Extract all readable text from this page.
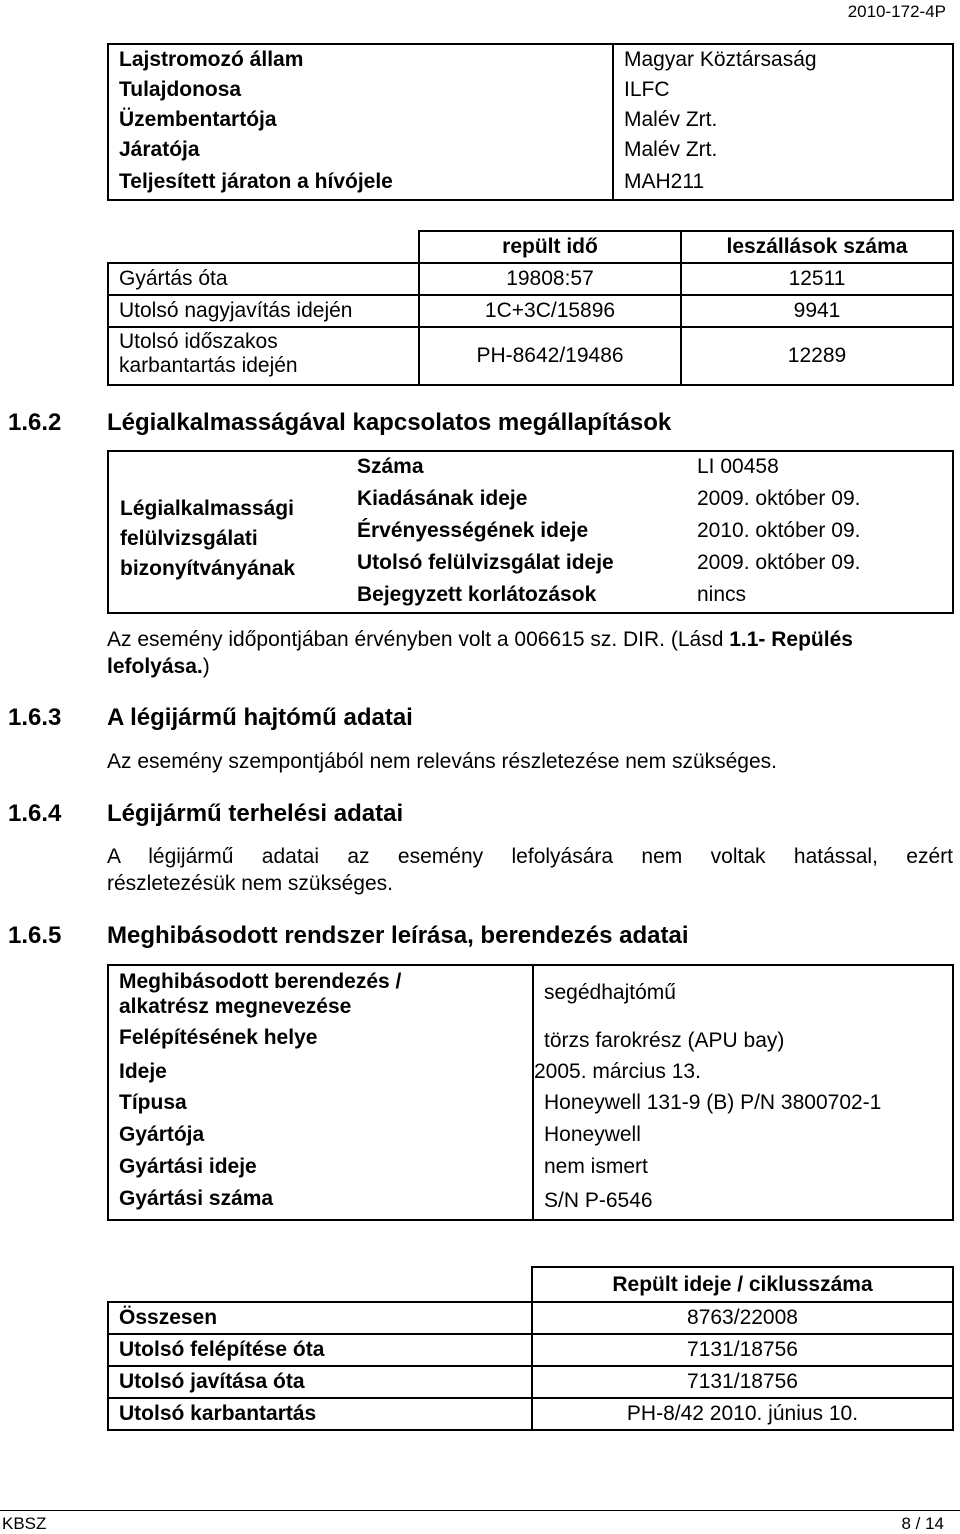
2010-172-4P
Lajstromozó állam	Magyar Köztársaság
Tulajdonosa	ILFC
Üzembentartója	Malév Zrt.
Járatója	Malév Zrt.
Teljesített járaton a hívójele	MAH211
	repült idő	leszállások száma
Gyártás óta	19808:57	12511
Utolsó nagyjavítás idején	1C+3C/15896	9941

Utolsó időszakos
karbantartás idején	PH-8642/19486	12289
1.6.2 Légialkalmasságával kapcsolatos megállapítások
Légialkalmassági
felülvizsgálati
bizonyítványának
Száma	LI 00458
Kiadásának ideje	2009. október 09.
Érvényességének ideje	2010. október 09.
Utolsó felülvizsgálat ideje	2009. október 09.
Bejegyzett korlátozások	nincs
Az esemény időpontjában érvényben volt a 006615 sz. DIR. (Lásd 1.1- Repülés
lefolyása.)
1.6.3 A légijármű hajtómű adatai
Az esemény szempontjából nem releváns részletezése nem szükséges.
1.6.4 Légijármű terhelési adatai
A légijármű adatai az esemény lefolyására nem voltak hatással, ezért
részletezésük nem szükséges.
1.6.5 Meghibásodott rendszer leírása, berendezés adatai
Meghibásodott berendezés /
alkatrész megnevezése	segédhajtómű
Felépítésének helye	törzs farokrész (APU bay)
Ideje	2005. március 13.
Típusa	Honeywell 131-9 (B) P/N 3800702-1
Gyártója	Honeywell
Gyártási ideje	nem ismert
Gyártási száma	S/N P-6546
	Repült ideje / ciklusszáma
Összesen	8763/22008
Utolsó felépítése óta	7131/18756
Utolsó javítása óta	7131/18756
Utolsó karbantartás	PH-8/42 2010. június 10.
KBSZ	8 / 14
